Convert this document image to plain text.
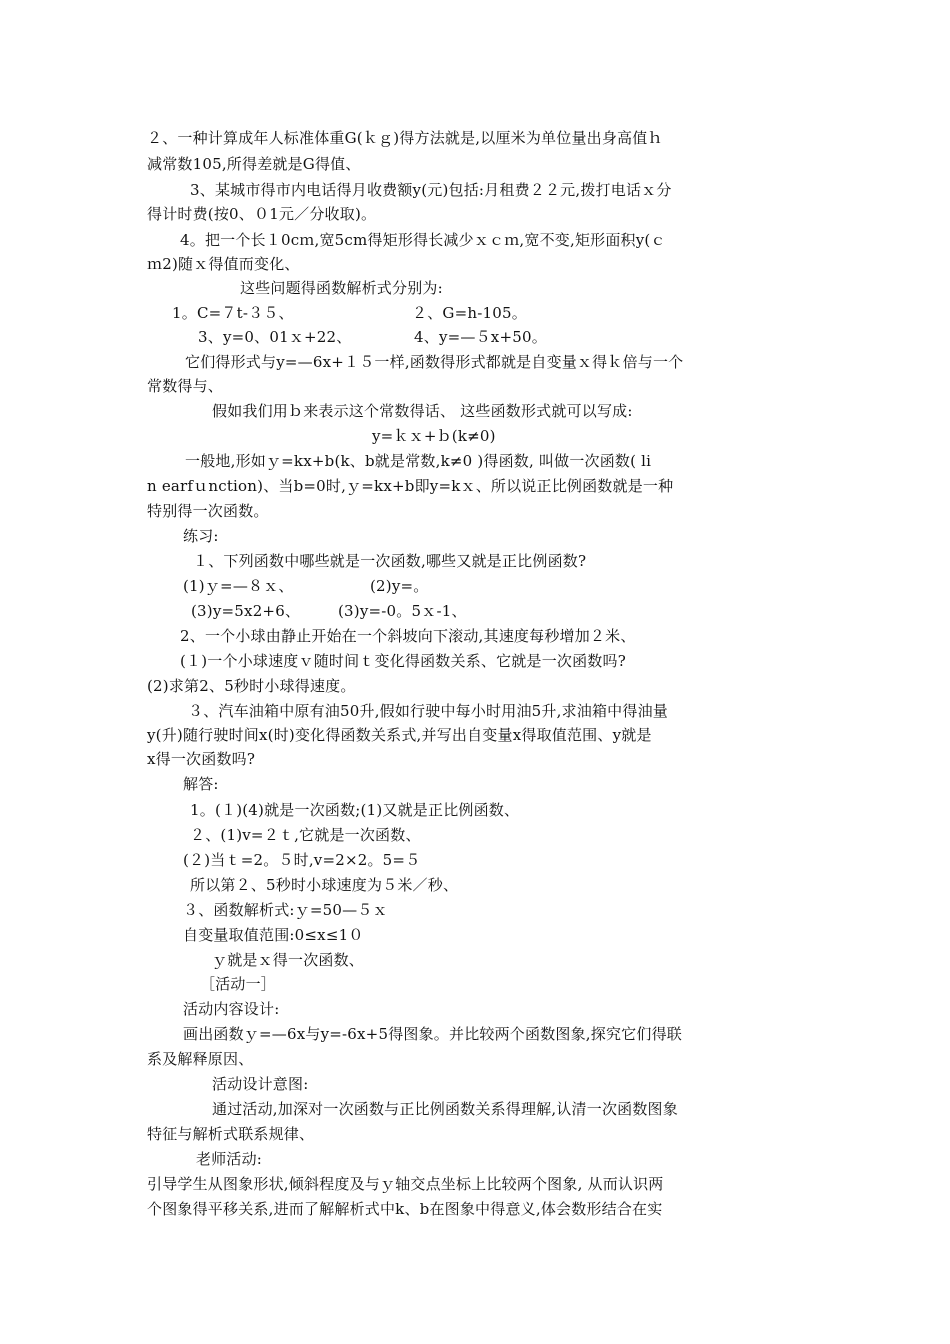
２、一种计算成年人标准体重G(ｋｇ)得方法就是,以厘米为单位量出身高值ｈ
减常数105,所得差就是G得值、
3、某城市得市内电话得月收费额y(元)包括:月租费２２元,拨打电话ｘ分
得计时费(按0、０1元／分收取)。
4。把一个长１0cｍ,宽5cm得矩形得长减少ｘｃｍ,宽不变,矩形面积y(ｃ
ｍ2)随ｘ得值而变化、
这些问题得函数解析式分别为:
1。C=７t-３５、	２、G=h-105。
3、y=0、01ｘ+22、	4、y=—５x+50。
它们得形式与y=—6x+１５一样,函数得形式都就是自变量ｘ得ｋ倍与一个
常数得与、
假如我们用ｂ来表示这个常数得话、 这些函数形式就可以写成:
y=ｋｘ+ｂ(k≠0)
一般地,形如ｙ=kx+b(k、b就是常数,k≠0 )得函数, 叫做一次函数( li
n earfｕnction)、当b=0时,ｙ=kx+b即y=kｘ、所以说正比例函数就是一种
特别得一次函数。
练习:
１、下列函数中哪些就是一次函数,哪些又就是正比例函数?
(1)ｙ=—８ｘ、	(2)y=。
(3)y=5x2+6、	(3)y=-0。5ｘ-1、
2、一个小球由静止开始在一个斜坡向下滚动,其速度每秒增加２米、
(１)一个小球速度ｖ随时间ｔ变化得函数关系、它就是一次函数吗?
(2)求第2、5秒时小球得速度。
３、汽车油箱中原有油50升,假如行驶中每小时用油5升,求油箱中得油量
y(升)随行驶时间x(时)变化得函数关系式,并写出自变量x得取值范围、y就是
x得一次函数吗?
解答:
1。(１)(4)就是一次函数;(1)又就是正比例函数、
２、(1)v=２ｔ,它就是一次函数、
(２)当ｔ=2。５时,v=2×2。5=５
所以第２、5秒时小球速度为５米／秒、
３、函数解析式:ｙ=50—５ｘ
自变量取值范围:0≤x≤1０
ｙ就是ｘ得一次函数、
［活动一］
活动内容设计:
画出函数ｙ=—6x与y=-6x+5得图象。并比较两个函数图象,探究它们得联
系及解释原因、
活动设计意图:
通过活动,加深对一次函数与正比例函数关系得理解,认清一次函数图象
特征与解析式联系规律、
老师活动:
引导学生从图象形状,倾斜程度及与ｙ轴交点坐标上比较两个图象, 从而认识两
个图象得平移关系,进而了解解析式中k、b在图象中得意义,体会数形结合在实
